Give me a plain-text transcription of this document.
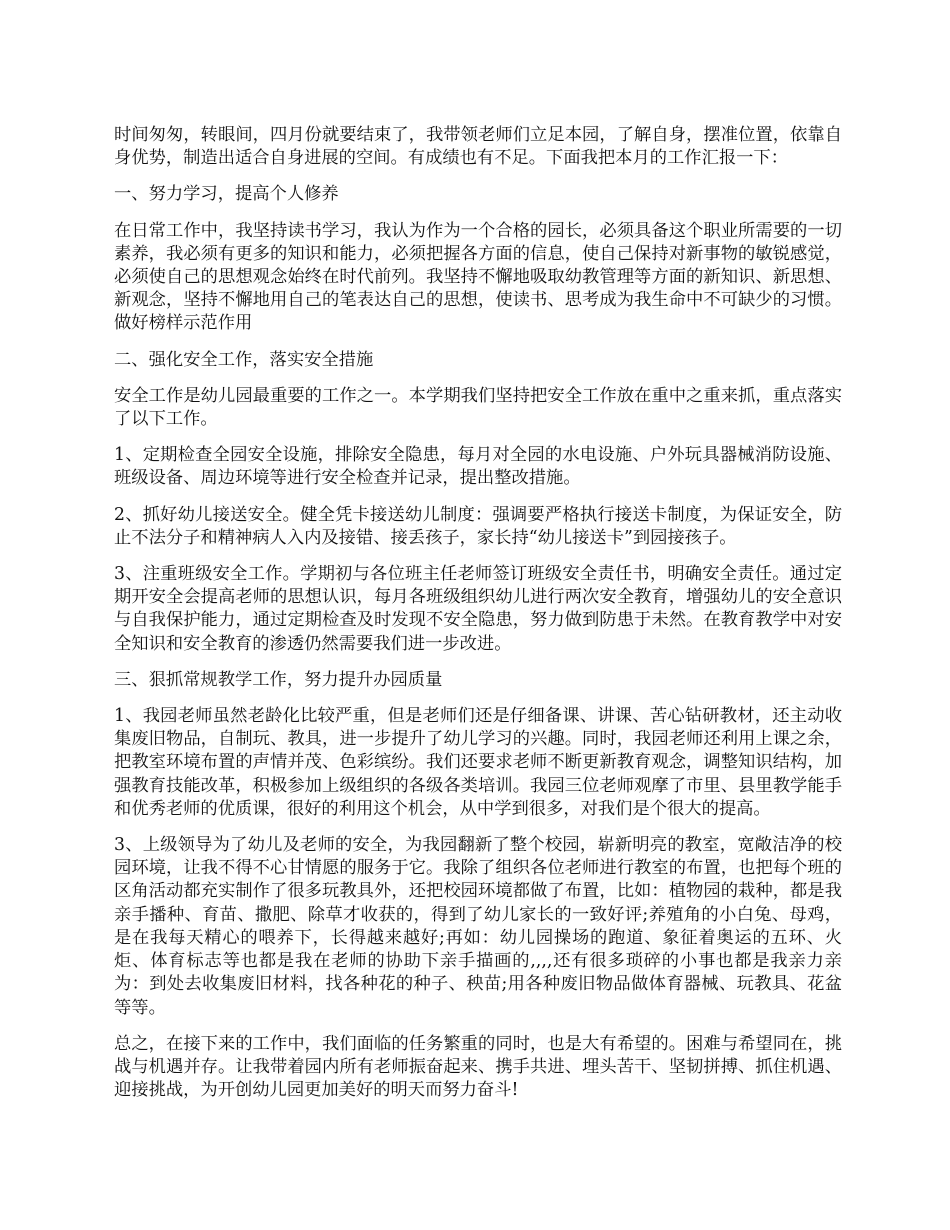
时间匆匆，转眼间，四月份就要结束了，我带领老师们立足本园，了解自身，摆准位置，依靠自身优势，制造出适合自身进展的空间。有成绩也有不足。下面我把本月的工作汇报一下：

一、努力学习，提高个人修养

在日常工作中，我坚持读书学习，我认为作为一个合格的园长，必须具备这个职业所需要的一切素养，我必须有更多的知识和能力，必须把握各方面的信息，使自己保持对新事物的敏锐感觉，必须使自己的思想观念始终在时代前列。我坚持不懈地吸取幼教管理等方面的新知识、新思想、新观念，坚持不懈地用自己的笔表达自己的思想，使读书、思考成为我生命中不可缺少的习惯。做好榜样示范作用

二、强化安全工作，落实安全措施

安全工作是幼儿园最重要的工作之一。本学期我们坚持把安全工作放在重中之重来抓，重点落实了以下工作。

1、定期检查全园安全设施，排除安全隐患，每月对全园的水电设施、户外玩具器械消防设施、班级设备、周边环境等进行安全检查并记录，提出整改措施。

2、抓好幼儿接送安全。健全凭卡接送幼儿制度：强调要严格执行接送卡制度，为保证安全，防止不法分子和精神病人入内及接错、接丢孩子，家长持“幼儿接送卡”到园接孩子。

3、注重班级安全工作。学期初与各位班主任老师签订班级安全责任书，明确安全责任。通过定期开安全会提高老师的思想认识，每月各班级组织幼儿进行两次安全教育，增强幼儿的安全意识与自我保护能力，通过定期检查及时发现不安全隐患，努力做到防患于未然。在教育教学中对安全知识和安全教育的渗透仍然需要我们进一步改进。

三、狠抓常规教学工作，努力提升办园质量

1、我园老师虽然老龄化比较严重，但是老师们还是仔细备课、讲课、苦心钻研教材，还主动收集废旧物品，自制玩、教具，进一步提升了幼儿学习的兴趣。同时，我园老师还利用上课之余，把教室环境布置的声情并茂、色彩缤纷。我们还要求老师不断更新教育观念，调整知识结构，加强教育技能改革，积极参加上级组织的各级各类培训。我园三位老师观摩了市里、县里教学能手和优秀老师的优质课，很好的利用这个机会，从中学到很多，对我们是个很大的提高。

3、上级领导为了幼儿及老师的安全，为我园翻新了整个校园，崭新明亮的教室，宽敞洁净的校园环境，让我不得不心甘情愿的服务于它。我除了组织各位老师进行教室的布置，也把每个班的区角活动都充实制作了很多玩教具外，还把校园环境都做了布置，比如：植物园的栽种，都是我亲手播种、育苗、撒肥、除草才收获的，得到了幼儿家长的一致好评;养殖角的小白兔、母鸡，是在我每天精心的喂养下，长得越来越好;再如：幼儿园操场的跑道、象征着奥运的五环、火炬、体育标志等也都是我在老师的协助下亲手描画的,,,,还有很多琐碎的小事也都是我亲力亲为：到处去收集废旧材料，找各种花的种子、秧苗;用各种废旧物品做体育器械、玩教具、花盆等等。

总之，在接下来的工作中，我们面临的任务繁重的同时，也是大有希望的。困难与希望同在，挑战与机遇并存。让我带着园内所有老师振奋起来、携手共进、埋头苦干、坚韧拼搏、抓住机遇、迎接挑战，为开创幼儿园更加美好的明天而努力奋斗!
